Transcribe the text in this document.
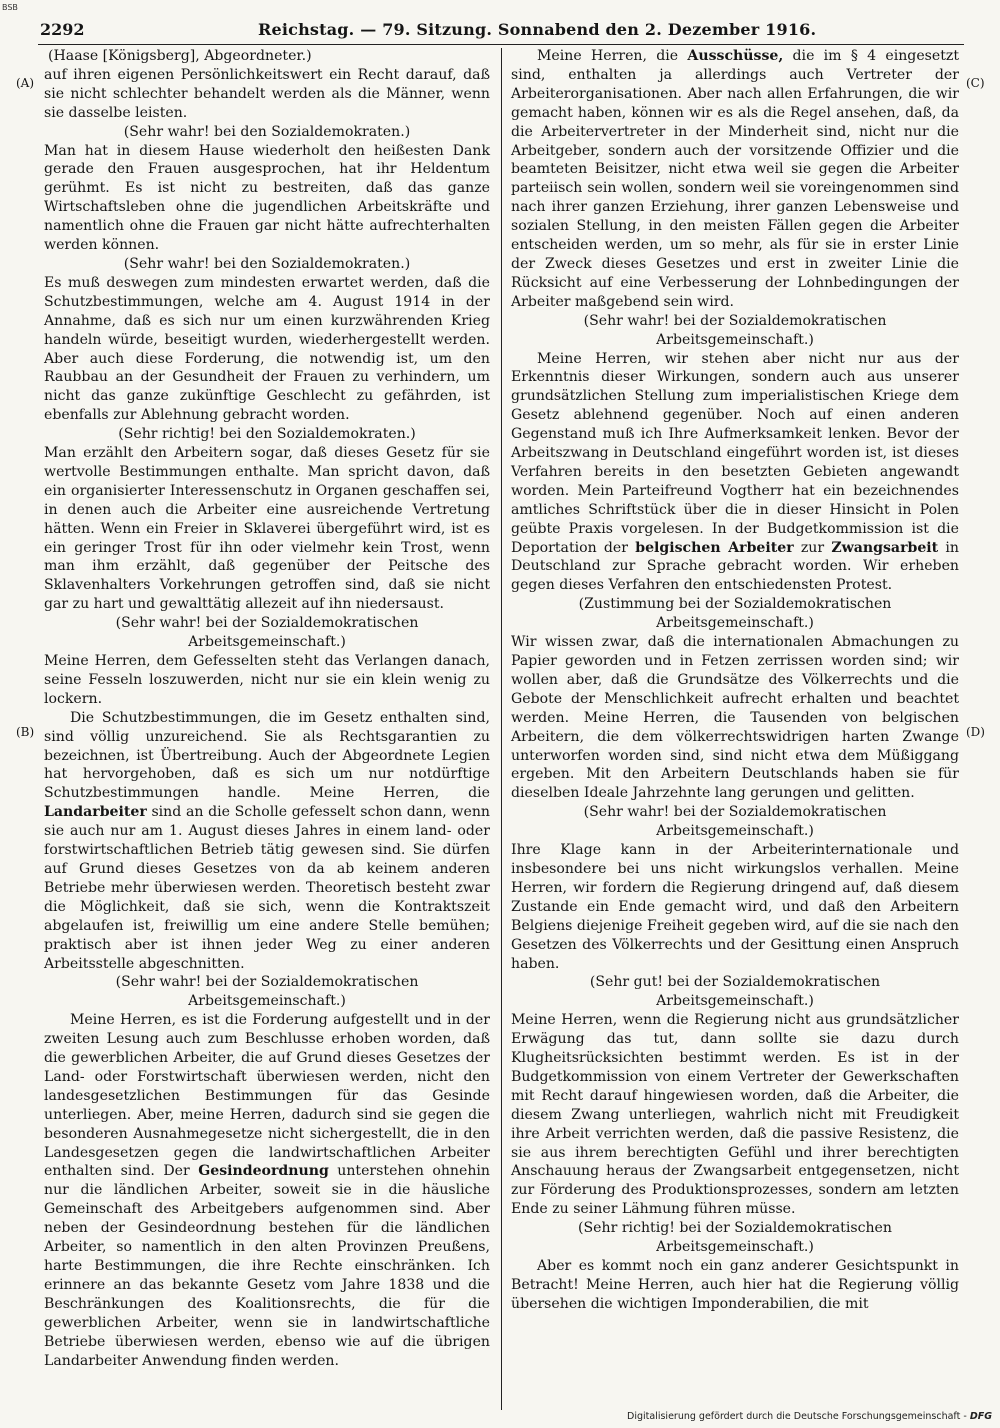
BSB
2292	Reichstag. — 79. Sitzung. Sonnabend den 2. Dezember 1916.
(A)
(B)
(C)
(D)

(Haase [Königsberg], Abgeordneter.)

auf ihren eigenen Persönlichkeitswert ein Recht darauf, daß sie nicht schlechter behandelt werden als die Männer, wenn sie dasselbe leisten.

(Sehr wahr! bei den Sozialdemokraten.)

Man hat in diesem Hause wiederholt den heißesten Dank gerade den Frauen ausgesprochen, hat ihr Heldentum gerühmt. Es ist nicht zu bestreiten, daß das ganze Wirtschaftsleben ohne die jugendlichen Arbeitskräfte und namentlich ohne die Frauen gar nicht hätte aufrechterhalten werden können.

(Sehr wahr! bei den Sozialdemokraten.)

Es muß deswegen zum mindesten erwartet werden, daß die Schutzbestimmungen, welche am 4. August 1914 in der Annahme, daß es sich nur um einen kurzwährenden Krieg handeln würde, beseitigt wurden, wiederhergestellt werden. Aber auch diese Forderung, die notwendig ist, um den Raubbau an der Gesundheit der Frauen zu verhindern, um nicht das ganze zukünftige Geschlecht zu gefährden, ist ebenfalls zur Ablehnung gebracht worden.

(Sehr richtig! bei den Sozialdemokraten.)

Man erzählt den Arbeitern sogar, daß dieses Gesetz für sie wertvolle Bestimmungen enthalte. Man spricht davon, daß ein organisierter Interessenschutz in Organen geschaffen sei, in denen auch die Arbeiter eine ausreichende Vertretung hätten. Wenn ein Freier in Sklaverei übergeführt wird, ist es ein geringer Trost für ihn oder vielmehr kein Trost, wenn man ihm erzählt, daß gegenüber der Peitsche des Sklavenhalters Vorkehrungen getroffen sind, daß sie nicht gar zu hart und gewalttätig allezeit auf ihn niedersaust.

(Sehr wahr! bei der Sozialdemokratischen Arbeitsgemeinschaft.)

Meine Herren, dem Gefesselten steht das Verlangen danach, seine Fesseln loszuwerden, nicht nur sie ein klein wenig zu lockern.

Die Schutzbestimmungen, die im Gesetz enthalten sind, sind völlig unzureichend. Sie als Rechtsgarantien zu bezeichnen, ist Übertreibung. Auch der Abgeordnete Legien hat hervorgehoben, daß es sich um nur notdürftige Schutzbestimmungen handle. Meine Herren, die Landarbeiter sind an die Scholle gefesselt schon dann, wenn sie auch nur am 1. August dieses Jahres in einem land- oder forstwirtschaftlichen Betrieb tätig gewesen sind. Sie dürfen auf Grund dieses Gesetzes von da ab keinem anderen Betriebe mehr überwiesen werden. Theoretisch besteht zwar die Möglichkeit, daß sie sich, wenn die Kontraktszeit abgelaufen ist, freiwillig um eine andere Stelle bemühen; praktisch aber ist ihnen jeder Weg zu einer anderen Arbeitsstelle abgeschnitten.

(Sehr wahr! bei der Sozialdemokratischen Arbeitsgemeinschaft.)

Meine Herren, es ist die Forderung aufgestellt und in der zweiten Lesung auch zum Beschlusse erhoben worden, daß die gewerblichen Arbeiter, die auf Grund dieses Gesetzes der Land- oder Forstwirtschaft überwiesen werden, nicht den landesgesetzlichen Bestimmungen für das Gesinde unterliegen. Aber, meine Herren, dadurch sind sie gegen die besonderen Ausnahmegesetze nicht sichergestellt, die in den Landesgesetzen gegen die landwirtschaftlichen Arbeiter enthalten sind. Der Gesindeordnung unterstehen ohnehin nur die ländlichen Arbeiter, soweit sie in die häusliche Gemeinschaft des Arbeitgebers aufgenommen sind. Aber neben der Gesindeordnung bestehen für die ländlichen Arbeiter, so namentlich in den alten Provinzen Preußens, harte Bestimmungen, die ihre Rechte einschränken. Ich erinnere an das bekannte Gesetz vom Jahre 1838 und die Beschränkungen des Koalitionsrechts, die für die gewerblichen Arbeiter, wenn sie in landwirtschaftliche Betriebe überwiesen werden, ebenso wie auf die übrigen Landarbeiter Anwendung finden werden.

Meine Herren, die Ausschüsse, die im § 4 eingesetzt sind, enthalten ja allerdings auch Vertreter der Arbeiterorganisationen. Aber nach allen Erfahrungen, die wir gemacht haben, können wir es als die Regel ansehen, daß, da die Arbeitervertreter in der Minderheit sind, nicht nur die Arbeitgeber, sondern auch der vorsitzende Offizier und die beamteten Beisitzer, nicht etwa weil sie gegen die Arbeiter parteiisch sein wollen, sondern weil sie voreingenommen sind nach ihrer ganzen Erziehung, ihrer ganzen Lebensweise und sozialen Stellung, in den meisten Fällen gegen die Arbeiter entscheiden werden, um so mehr, als für sie in erster Linie der Zweck dieses Gesetzes und erst in zweiter Linie die Rücksicht auf eine Verbesserung der Lohnbedingungen der Arbeiter maßgebend sein wird.

(Sehr wahr! bei der Sozialdemokratischen Arbeitsgemeinschaft.)

Meine Herren, wir stehen aber nicht nur aus der Erkenntnis dieser Wirkungen, sondern auch aus unserer grundsätzlichen Stellung zum imperialistischen Kriege dem Gesetz ablehnend gegenüber. Noch auf einen anderen Gegenstand muß ich Ihre Aufmerksamkeit lenken. Bevor der Arbeitszwang in Deutschland eingeführt worden ist, ist dieses Verfahren bereits in den besetzten Gebieten angewandt worden. Mein Parteifreund Vogtherr hat ein bezeichnendes amtliches Schriftstück über die in dieser Hinsicht in Polen geübte Praxis vorgelesen. In der Budgetkommission ist die Deportation der belgischen Arbeiter zur Zwangsarbeit in Deutschland zur Sprache gebracht worden. Wir erheben gegen dieses Verfahren den entschiedensten Protest.

(Zustimmung bei der Sozialdemokratischen Arbeitsgemeinschaft.)

Wir wissen zwar, daß die internationalen Abmachungen zu Papier geworden und in Fetzen zerrissen worden sind; wir wollen aber, daß die Grundsätze des Völkerrechts und die Gebote der Menschlichkeit aufrecht erhalten und beachtet werden. Meine Herren, die Tausenden von belgischen Arbeitern, die dem völkerrechtswidrigen harten Zwange unterworfen worden sind, sind nicht etwa dem Müßiggang ergeben. Mit den Arbeitern Deutschlands haben sie für dieselben Ideale Jahrzehnte lang gerungen und gelitten.

(Sehr wahr! bei der Sozialdemokratischen Arbeitsgemeinschaft.)

Ihre Klage kann in der Arbeiterinternationale und insbesondere bei uns nicht wirkungslos verhallen. Meine Herren, wir fordern die Regierung dringend auf, daß diesem Zustande ein Ende gemacht wird, und daß den Arbeitern Belgiens diejenige Freiheit gegeben wird, auf die sie nach den Gesetzen des Völkerrechts und der Gesittung einen Anspruch haben.

(Sehr gut! bei der Sozialdemokratischen Arbeitsgemeinschaft.)

Meine Herren, wenn die Regierung nicht aus grundsätzlicher Erwägung das tut, dann sollte sie dazu durch Klugheitsrücksichten bestimmt werden. Es ist in der Budgetkommission von einem Vertreter der Gewerkschaften mit Recht darauf hingewiesen worden, daß die Arbeiter, die diesem Zwang unterliegen, wahrlich nicht mit Freudigkeit ihre Arbeit verrichten werden, daß die passive Resistenz, die sie aus ihrem berechtigten Gefühl und ihrer berechtigten Anschauung heraus der Zwangsarbeit entgegensetzen, nicht zur Förderung des Produktionsprozesses, sondern am letzten Ende zu seiner Lähmung führen müsse.

(Sehr richtig! bei der Sozialdemokratischen Arbeitsgemeinschaft.)

Aber es kommt noch ein ganz anderer Gesichtspunkt in Betracht! Meine Herren, auch hier hat die Regierung völlig übersehen die wichtigen Imponderabilien, die mit

Digitalisierung gefördert durch die Deutsche Forschungsgemeinschaft - DFG
